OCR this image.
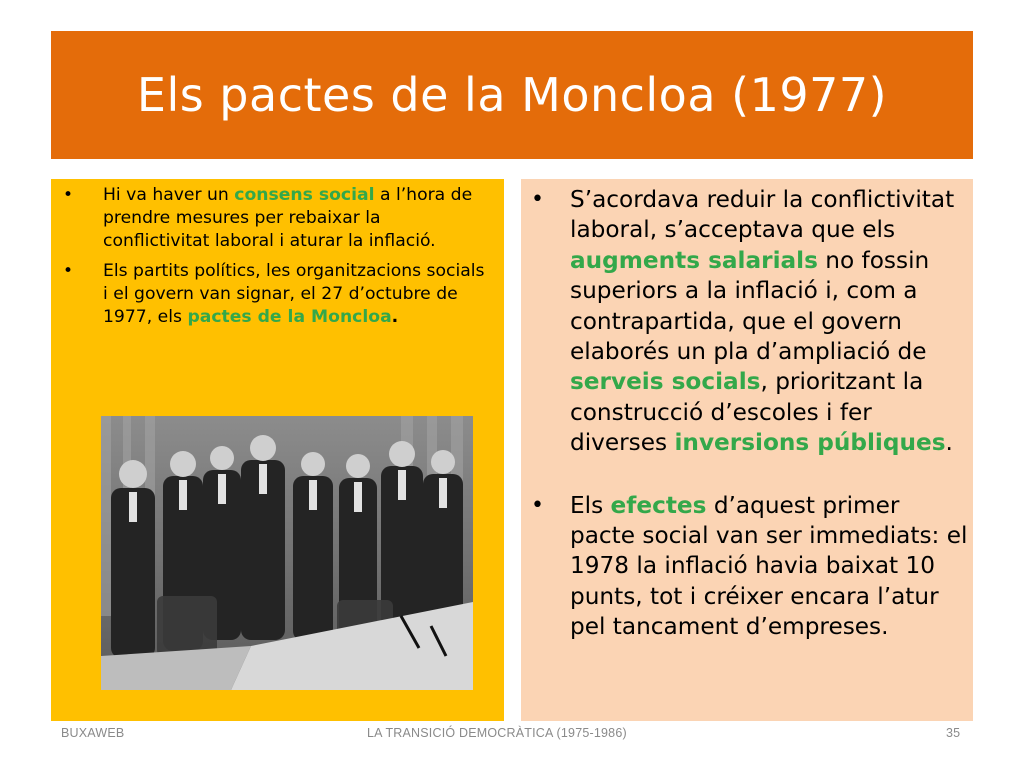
Els pactes de la Moncloa (1977)
• Hi va haver un consens social a l’hora de prendre mesures per rebaixar la conflictivitat laboral i aturar la inflació.
• Els partits polítics, les organitzacions socials i el govern van signar, el 27 d’octubre de 1977, els pactes de la Moncloa.
• S’acordava reduir la conflictivitat laboral, s’acceptava que els augments salarials no fossin superiors a la inflació i, com a contrapartida, que el govern elaborés un pla d’ampliació de serveis socials, prioritzant la construcció d’escoles i fer diverses inversions públiques.
• Els efectes d’aquest primer pacte social van ser immediats: el 1978 la inflació havia baixat 10 punts, tot i créixer encara l’atur pel tancament d’empreses.
BUXAWEB	LA TRANSICIÓ DEMOCRÀTICA (1975-1986)	35
